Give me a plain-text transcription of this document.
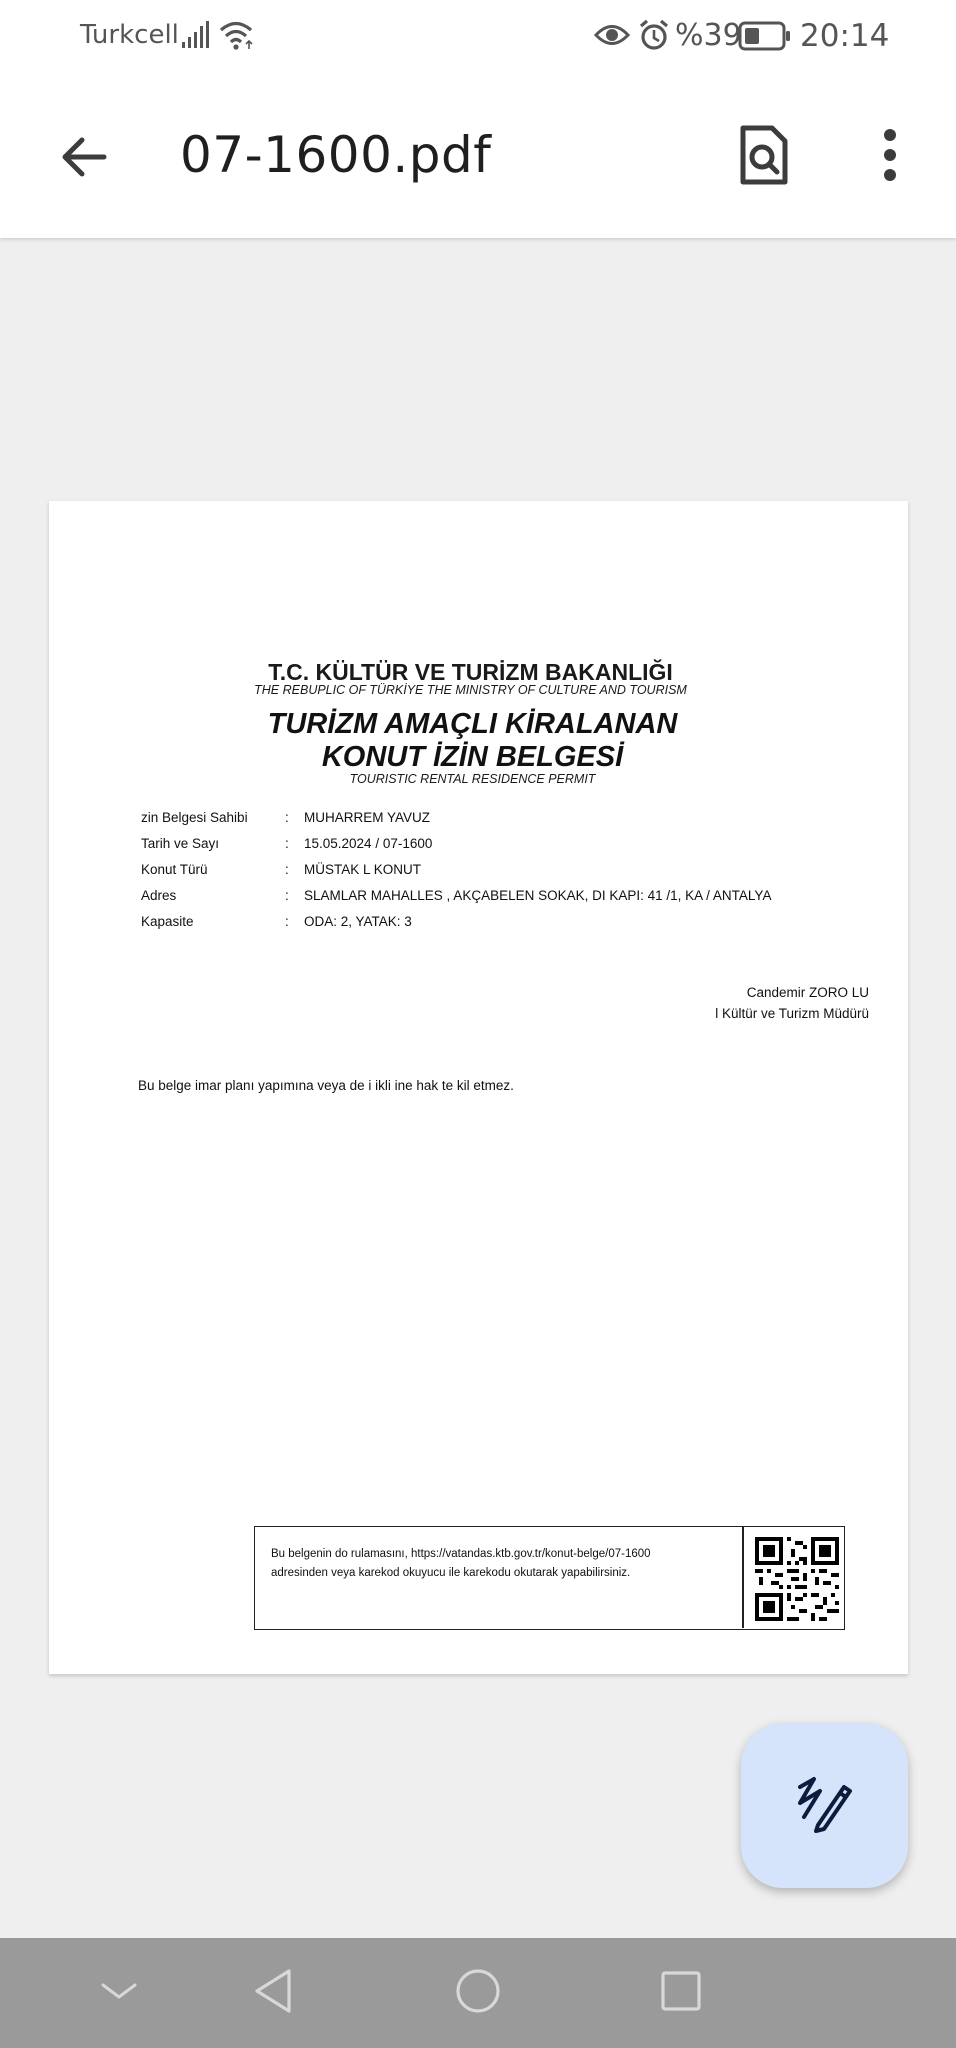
Turkcell	%39 20:14
07-1600.pdf
T.C. KÜLTÜR VE TURİZM BAKANLIĞI
THE REBUPLIC OF TÜRKİYE THE MINISTRY OF CULTURE AND TOURISM
TURİZM AMAÇLI KİRALANAN
KONUT İZİN BELGESİ
TOURISTIC RENTAL RESIDENCE PERMIT
zin Belgesi Sahibi	: MUHARREM YAVUZ
Tarih ve Sayı	: 15.05.2024 / 07-1600
Konut Türü	: MÜSTAK L KONUT
Adres	: SLAMLAR MAHALLES , AKÇABELEN SOKAK, DI KAPI: 41 /1, KA / ANTALYA
Kapasite	: ODA: 2, YATAK: 3
Candemir ZORO LU
l Kültür ve Turizm Müdürü
Bu belge imar planı yapımına veya de i ikli ine hak te kil etmez.
Bu belgenin do rulamasını, https://vatandas.ktb.gov.tr/konut-belge/07-1600 adresinden veya karekod okuyucu ile karekodu okutarak yapabilirsiniz.
